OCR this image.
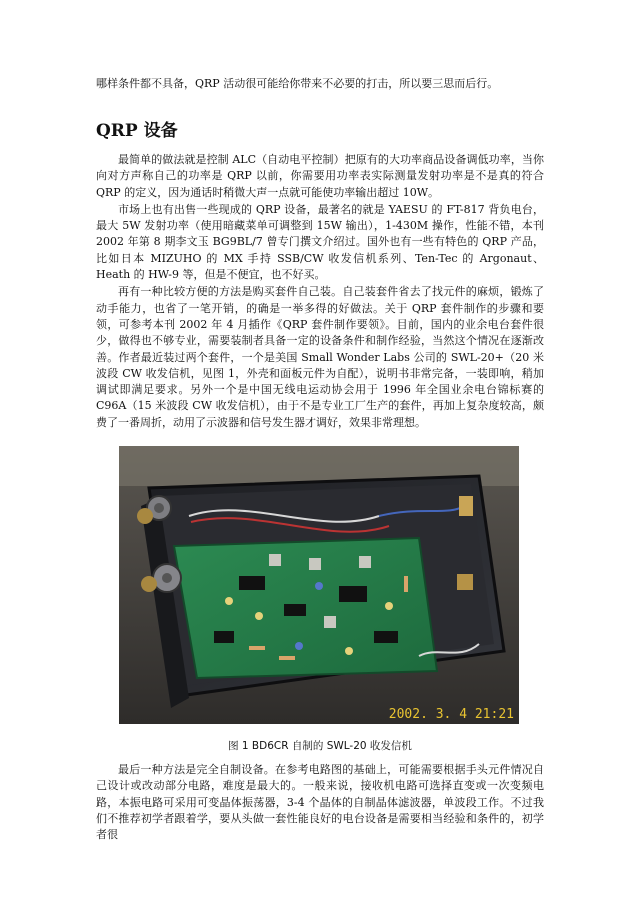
哪样条件都不具备，QRP 活动很可能给你带来不必要的打击，所以要三思而后行。

QRP 设备

最简单的做法就是控制 ALC（自动电平控制）把原有的大功率商品设备调低功率，当你向对方声称自己的功率是 QRP 以前，你需要用功率表实际测量发射功率是不是真的符合 QRP 的定义，因为通话时稍微大声一点就可能使功率输出超过 10W。

市场上也有出售一些现成的 QRP 设备，最著名的就是 YAESU 的 FT-817 背负电台，最大 5W 发射功率（使用暗藏菜单可调整到 15W 输出），1-430M 操作，性能不错，本刊 2002 年第 8 期李文玉 BG9BL/7 曾专门撰文介绍过。国外也有一些有特色的 QRP 产品，比如日本 MIZUHO 的 MX 手持 SSB/CW 收发信机系列、Ten-Tec 的 Argonaut、Heath 的 HW-9 等，但是不便宜，也不好买。

再有一种比较方便的方法是购买套件自己装。自己装套件省去了找元件的麻烦，锻炼了动手能力，也省了一笔开销，的确是一举多得的好做法。关于 QRP 套件制作的步骤和要领，可参考本刊 2002 年 4 月插作《QRP 套件制作要领》。目前，国内的业余电台套件很少，做得也不够专业，需要装制者具备一定的设备条件和制作经验，当然这个情况在逐渐改善。作者最近装过两个套件，一个是美国 Small Wonder Labs 公司的 SWL-20+（20 米波段 CW 收发信机，见图 1，外壳和面板元件为自配），说明书非常完备，一装即响，稍加调试即满足要求。另外一个是中国无线电运动协会用于 1996 年全国业余电台锦标赛的 C96A（15 米波段 CW 收发信机），由于不是专业工厂生产的套件，再加上复杂度较高，颇费了一番周折，动用了示波器和信号发生器才调好，效果非常理想。

2002. 3. 4 21:21
图 1 BD6CR 自制的 SWL-20 收发信机

最后一种方法是完全自制设备。在参考电路图的基础上，可能需要根据手头元件情况自己设计或改动部分电路，难度是最大的。一般来说，接收机电路可选择直变或一次变频电路，本振电路可采用可变晶体振荡器，3-4 个晶体的自制晶体滤波器，单波段工作。不过我们不推荐初学者跟着学，要从头做一套性能良好的电台设备是需要相当经验和条件的，初学者很
